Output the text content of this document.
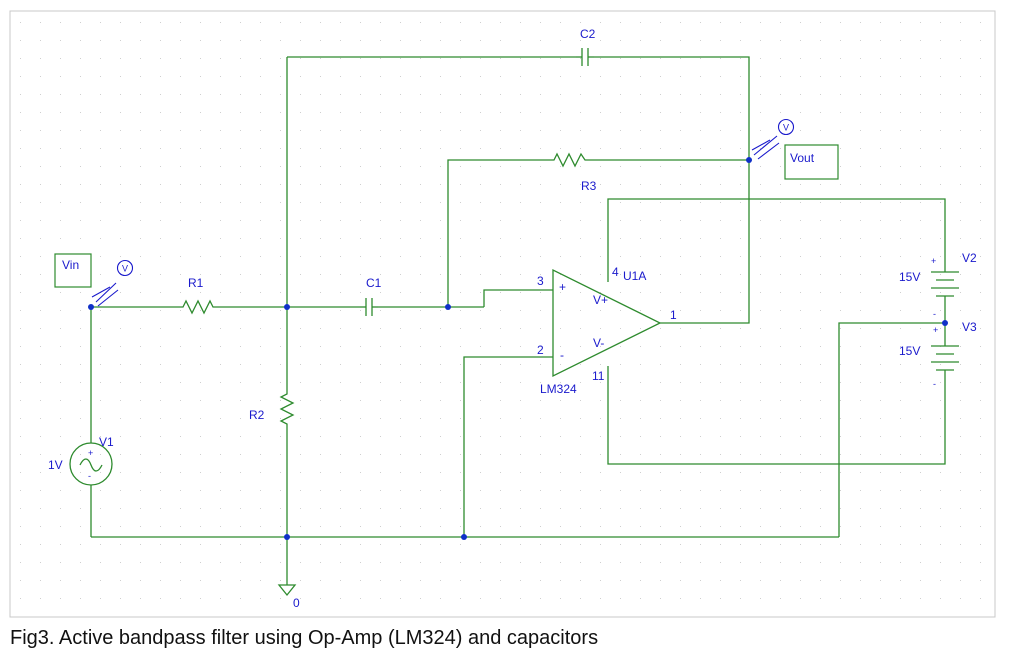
V
V
Vin
Vout
R1
R2
R3
C1
C2
V1
1V
+
-
V2
15V
+
-
V3
15V
+
-
U1A
LM324
3
2
4
11
1
V+
V-
+
-
0
Fig3. Active bandpass filter using Op-Amp (LM324) and capacitors
